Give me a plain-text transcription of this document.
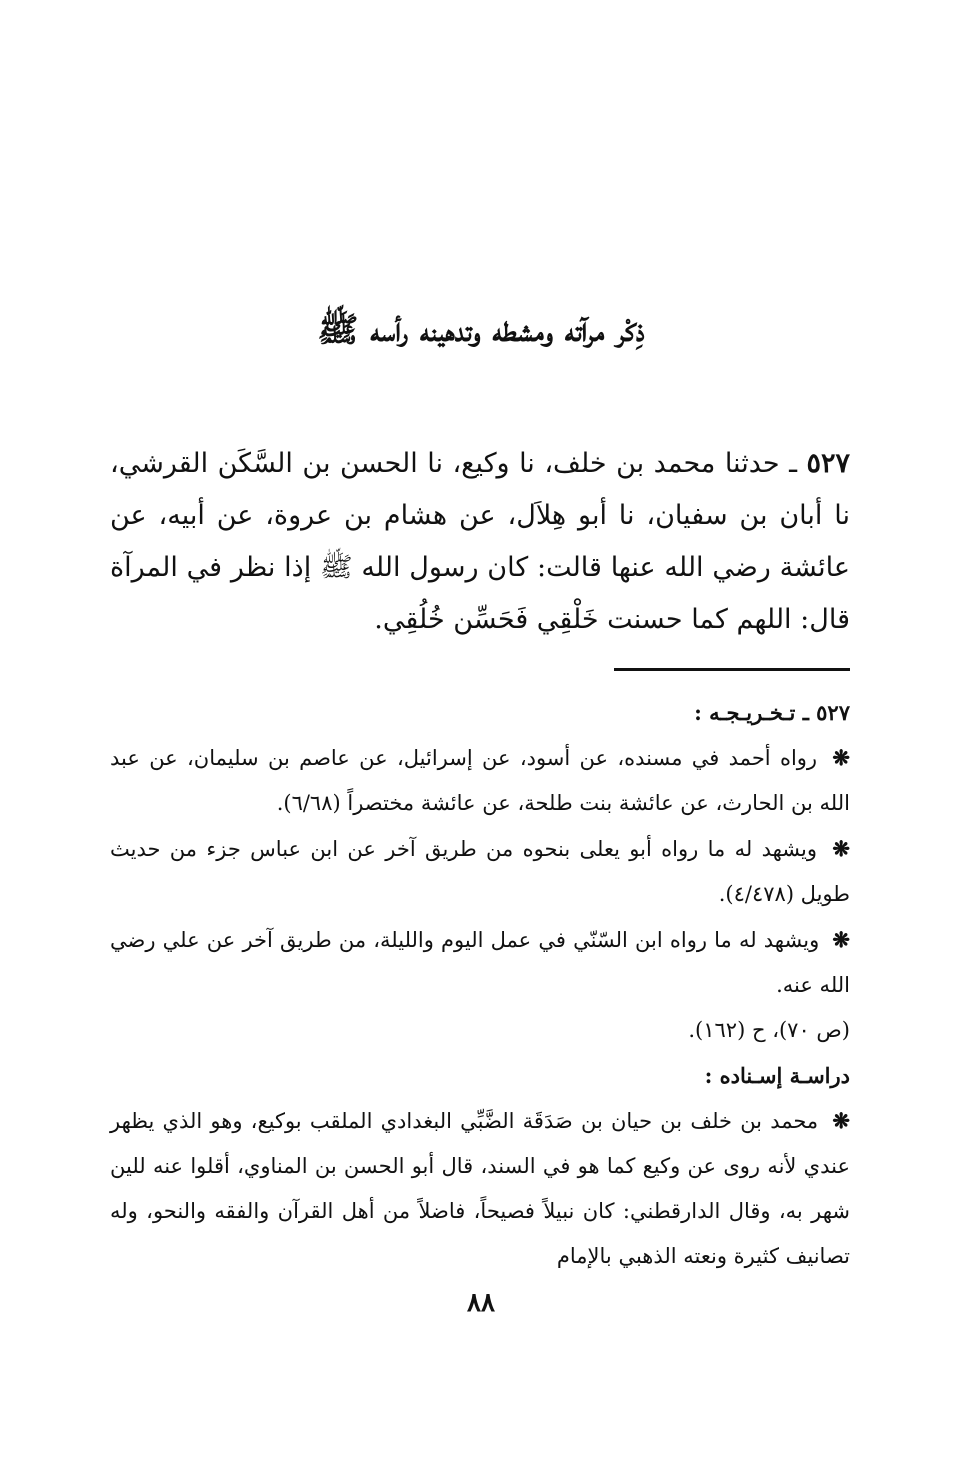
ذِكْر مرآته ومشطه وتدهينه رأسه ﷺ
٥٢٧ ـ حدثنا محمد بن خلف، نا وكيع، نا الحسن بن السَّكَن القرشي، نا أبان بن سفيان، نا أبو هِلاَل، عن هشام بن عروة، عن أبيه، عن عائشة رضي الله عنها قالت: كان رسول الله ﷺ إذا نظر في المرآة قال: اللهم كما حسنت خَلْقِي فَحَسِّن خُلُقِي.
٥٢٧ ـ تـخـريـجـه :
❋ رواه أحمد في مسنده، عن أسود، عن إسرائيل، عن عاصم بن سليمان، عن عبد الله بن الحارث، عن عائشة بنت طلحة، عن عائشة مختصراً (٦/٦٨).
❋ ويشهد له ما رواه أبو يعلى بنحوه من طريق آخر عن ابن عباس جزء من حديث طويل (٤/٤٧٨).
❋ ويشهد له ما رواه ابن السّنّي في عمل اليوم والليلة، من طريق آخر عن علي رضي الله عنه.
(ص ٧٠)، ح (١٦٢).
دراسـة إسـناده :
❋ محمد بن خلف بن حيان بن صَدَقَة الضَّبِّي البغدادي الملقب بوكيع، وهو الذي يظهر عندي لأنه روى عن وكيع كما هو في السند، قال أبو الحسن بن المناوي، أقلوا عنه للين شهر به، وقال الدارقطني: كان نبيلاً فصيحاً، فاضلاً من أهل القرآن والفقه والنحو، وله تصانيف كثيرة ونعته الذهبي بالإمام
٨٨
